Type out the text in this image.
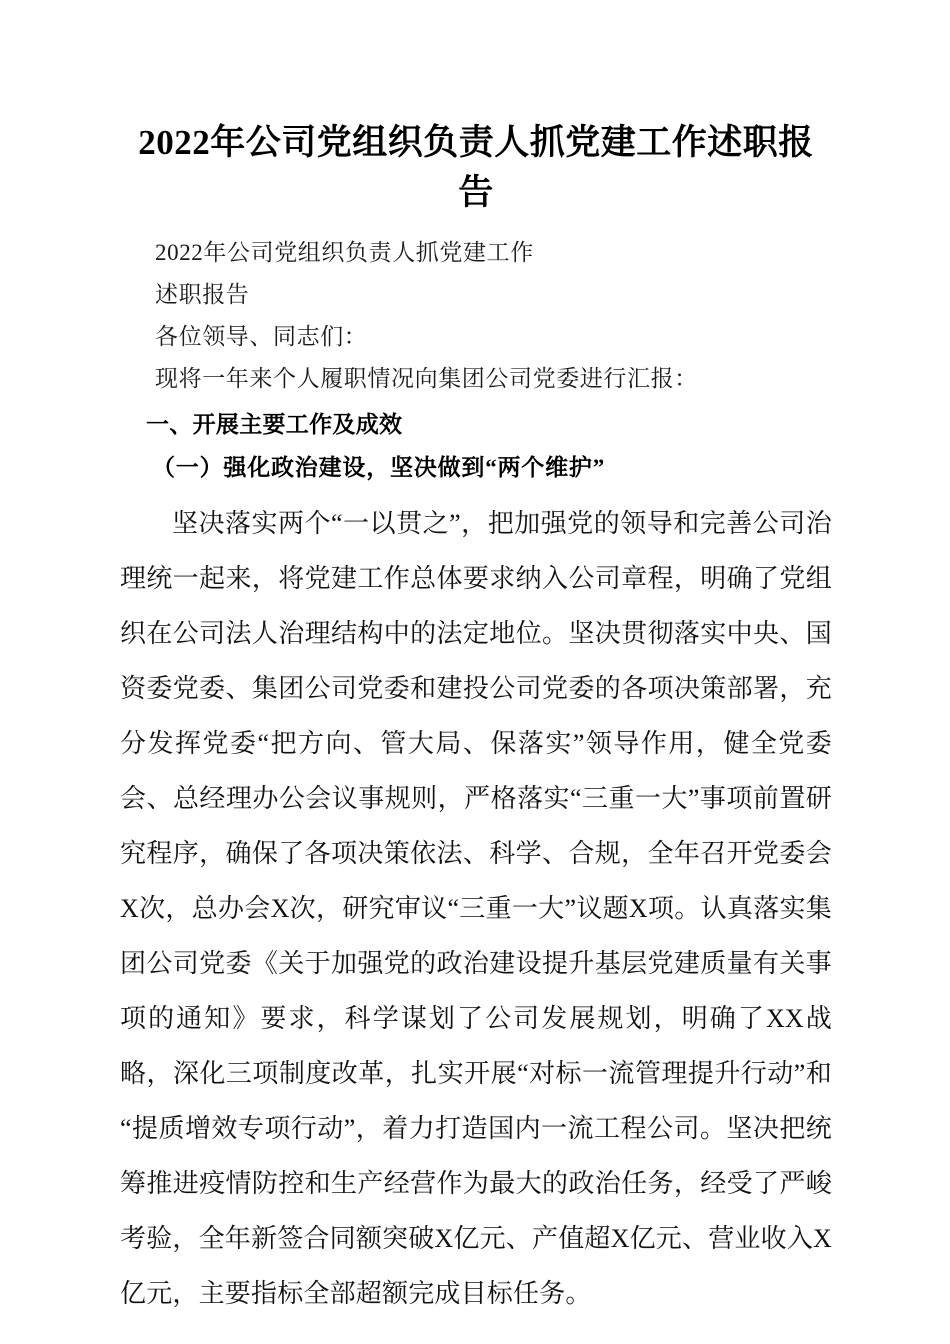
2022年公司党组织负责人抓党建工作述职报告

2022年公司党组织负责人抓党建工作

述职报告

各位领导、同志们：

现将一年来个人履职情况向集团公司党委进行汇报：

一、开展主要工作及成效
（一）强化政治建设，坚决做到“两个维护”

坚决落实两个“一以贯之”，把加强党的领导和完善公司治理统一起来，将党建工作总体要求纳入公司章程，明确了党组织在公司法人治理结构中的法定地位。坚决贯彻落实中央、国资委党委、集团公司党委和建投公司党委的各项决策部署，充分发挥党委“把方向、管大局、保落实”领导作用，健全党委会、总经理办公会议事规则，严格落实“三重一大”事项前置研究程序，确保了各项决策依法、科学、合规，全年召开党委会X次，总办会X次，研究审议“三重一大”议题X项。认真落实集团公司党委《关于加强党的政治建设提升基层党建质量有关事项的通知》要求，科学谋划了公司发展规划，明确了XX战略，深化三项制度改革，扎实开展“对标一流管理提升行动”和“提质增效专项行动”，着力打造国内一流工程公司。坚决把统筹推进疫情防控和生产经营作为最大的政治任务，经受了严峻考验，全年新签合同额突破X亿元、产值超X亿元、营业收入X亿元，主要指标全部超额完成目标任务。
